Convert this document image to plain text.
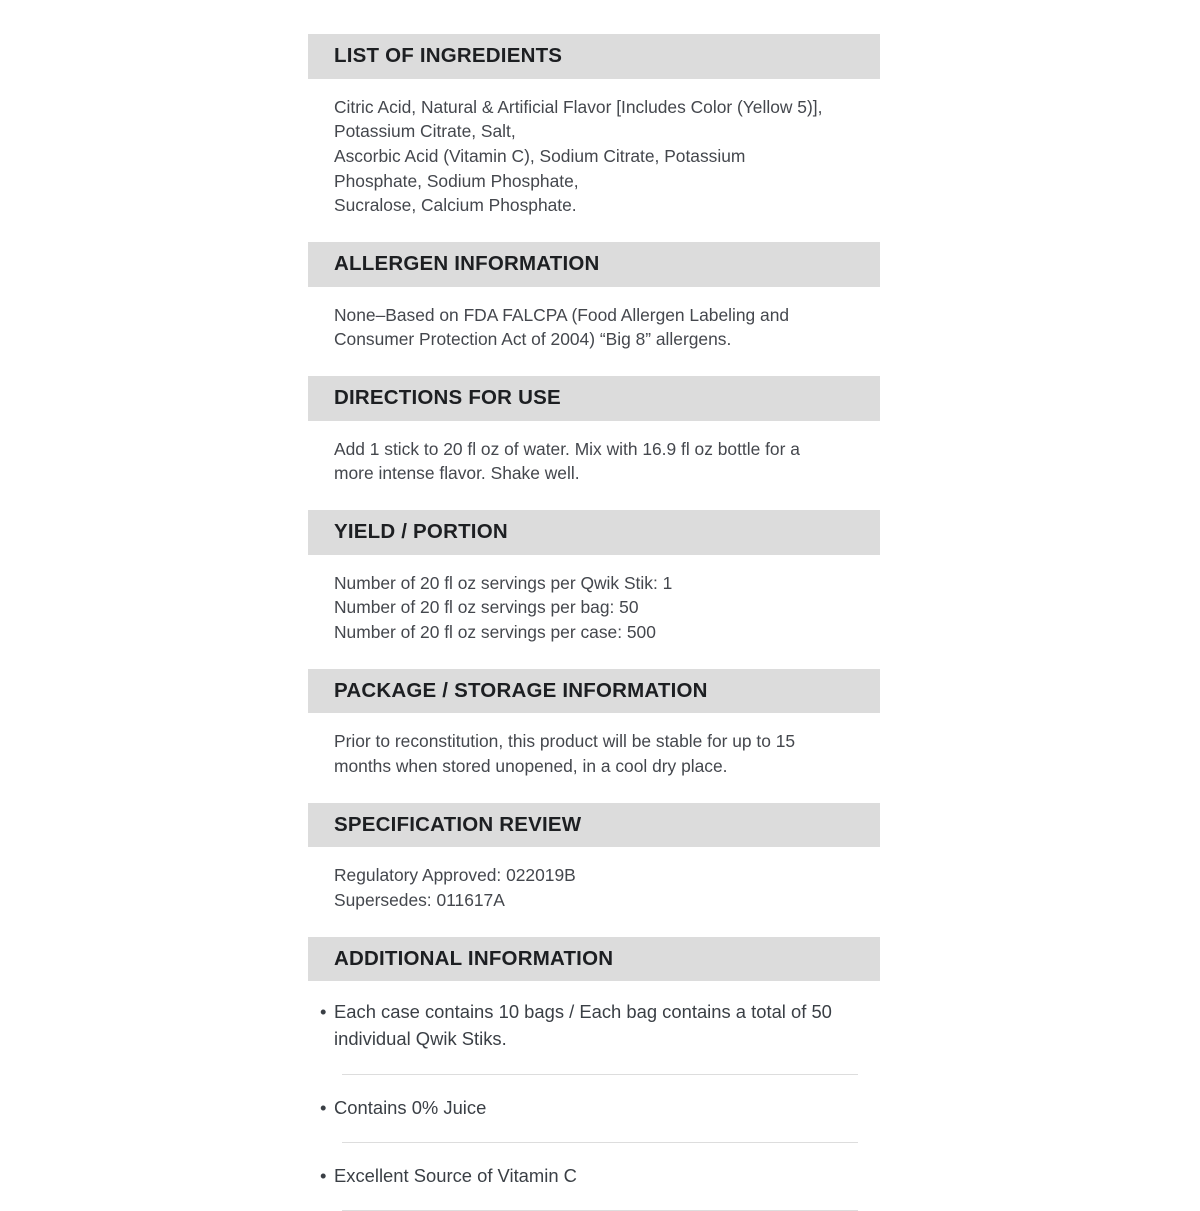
LIST OF INGREDIENTS

Citric Acid, Natural & Artificial Flavor [Includes Color (Yellow 5)],

Potassium Citrate, Salt,

Ascorbic Acid (Vitamin C), Sodium Citrate, Potassium

Phosphate, Sodium Phosphate,

Sucralose, Calcium Phosphate.

ALLERGEN INFORMATION

None–Based on FDA FALCPA (Food Allergen Labeling and

Consumer Protection Act of 2004) “Big 8” allergens.

DIRECTIONS FOR USE

Add 1 stick to 20 fl oz of water. Mix with 16.9 fl oz bottle for a

more intense flavor. Shake well.

YIELD / PORTION

Number of 20 fl oz servings per Qwik Stik: 1

Number of 20 fl oz servings per bag: 50

Number of 20 fl oz servings per case: 500

PACKAGE / STORAGE INFORMATION

Prior to reconstitution, this product will be stable for up to 15

months when stored unopened, in a cool dry place.

SPECIFICATION REVIEW

Regulatory Approved: 022019B

Supersedes: 011617A

ADDITIONAL INFORMATION
• Each case contains 10 bags / Each bag contains a total of 50 individual Qwik Stiks.
• Contains 0% Juice
• Excellent Source of Vitamin C
